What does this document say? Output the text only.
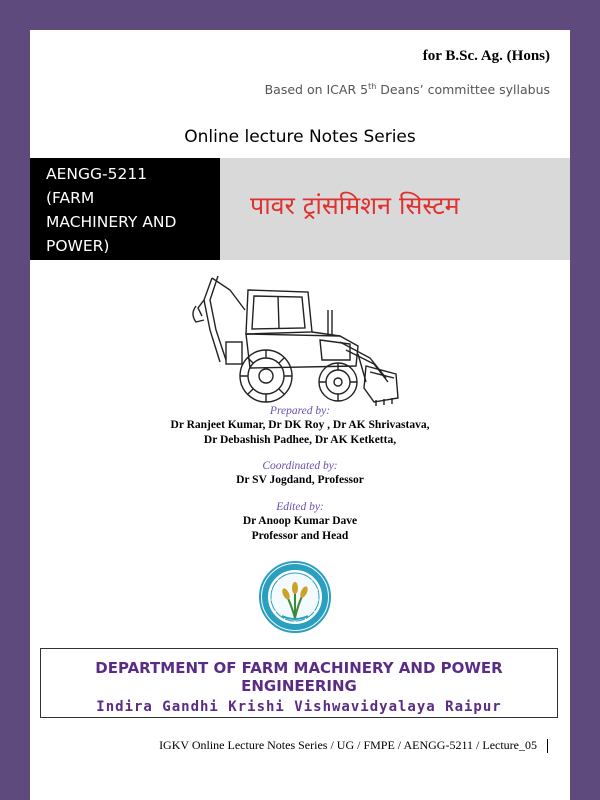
for B.Sc. Ag. (Hons)
Based on ICAR 5th Deans’ committee syllabus
Online lecture Notes Series
AENGG-5211
(FARM
MACHINERY AND
POWER)
पावर ट्रांसमिशन सिस्टम
Prepared by:
Dr Ranjeet Kumar, Dr DK Roy , Dr AK Shrivastava,
Dr Debashish Padhee, Dr AK Ketketta,
Coordinated by:
Dr SV Jogdand, Professor
Edited by:
Dr Anoop Kumar Dave
Professor and Head
DEPARTMENT OF FARM MACHINERY AND POWER ENGINEERING
Indira Gandhi Krishi Vishwavidyalaya Raipur
IGKV Online Lecture Notes Series / UG / FMPE / AENGG-5211 / Lecture_05
